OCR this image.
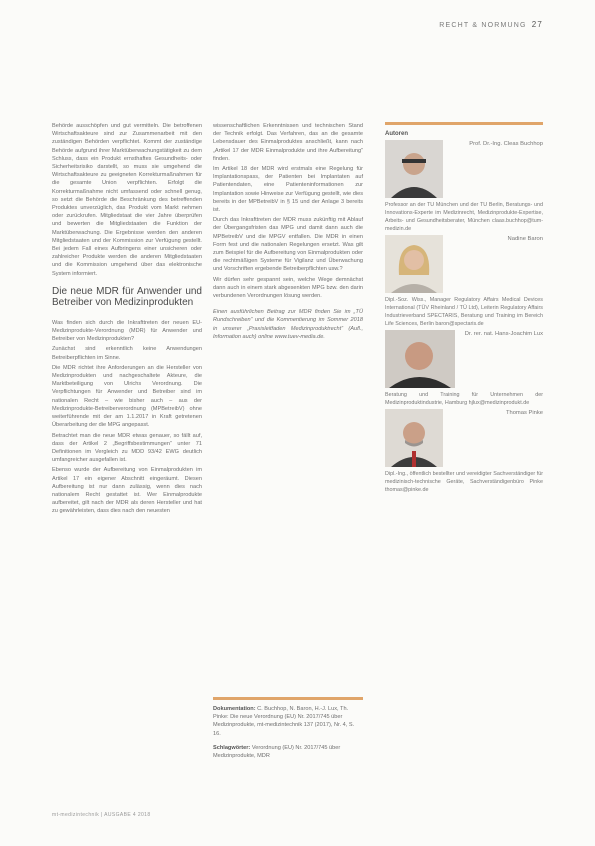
RECHT & NORMUNG 27

Behörde ausschöpfen und gut vermitteln. Die betroffenen Wirtschaftsakteure sind zur Zusammenarbeit mit den zuständigen Behörden verpflichtet. Kommt der zuständige Behörde aufgrund ihrer Marktüberwachungstätigkeit zu dem Schluss, dass ein Produkt ernsthaftes Gesundheits- oder Sicherheitsrisiko darstellt, so muss sie umgehend die Wirtschaftsakteure zu geeigneten Korrekturmaßnahmen für die gesamte Union verpflichten. Erfolgt die Korrekturmaßnahme nicht umfassend oder schnell genug, so setzt die Behörde die Beschränkung des betreffenden Produktes unverzüglich, das Produkt vom Markt nehmen oder zurückrufen. Mitgliedstaat die vier Jahre überprüfen und bewerten die Mitgliedstaaten die Funktion der Marktüberwachung. Die Ergebnisse werden den anderen Mitgliedstaaten und der Kommission zur Verfügung gestellt. Bei jedem Fall eines Aufbringens einer unsicheren oder zahlreicher Produkte werden die anderen Mitgliedstaaten und die Kommission umgehend über das elektronische System informiert.

Die neue MDR für Anwender und Betreiber von Medizinprodukten

Was finden sich durch die Inkrafttreten der neuen EU-Medizinprodukte-Verordnung (MDR) für Anwender und Betreiber von Medizinprodukten?

Zunächst sind erkenntlich keine Anwendungen Betreiberpflichten im Sinne.

Die MDR richtet ihre Anforderungen an die Hersteller von Medizinprodukten und nachgeschaltete Akteure, die Marktbeteiligung von Ulrichs Verordnung. Die Verpflichtungen für Anwender und Betreiber sind im nationalen Recht – wie bisher auch – aus der Medizinprodukte-Betreiberverordnung (MPBetreibV) ohne weiterführende mit der am 1.1.2017 in Kraft getretenen Überarbeitung der die MPG angepasst.

Betrachtet man die neue MDR etwas genauer, so fällt auf, dass der Artikel 2 „Begriffsbestimmungen“ unter 71 Definitionen im Vergleich zu MDD 93/42 EWG deutlich umfangreicher ausgefallen ist.

Ebenso wurde der Aufbereitung von Einmalprodukten im Artikel 17 ein eigener Abschnitt eingeräumt. Diesen Aufbereitung ist nur dann zulässig, wenn dies nach nationalem Recht gestattet ist. Wer Einmalprodukte aufbereitet, gilt nach der MDR als deren Hersteller und hat zu gewährleisten, dass dies nach den neuesten

wissenschaftlichen Erkenntnissen und technischen Stand der Technik erfolgt. Das Verfahren, das an die gesamte Lebensdauer des Einmalproduktes anschließt, kann nach „Artikel 17 der MDR Einmalprodukte und ihre Aufbereitung“ finden.

Im Artikel 18 der MDR wird erstmals eine Regelung für Implantationspass, der Patienten bei Implantaten auf Patientendaten, eine Patienteninformationen zur Implantation sowie Hinweise zur Verfügung gestellt, wie dies bereits in der MPBetreibV in § 15 und der Anlage 3 bereits ist.

Durch das Inkrafttreten der MDR muss zukünftig mit Ablauf der Übergangsfristen das MPG und damit dann auch die MPBetreibV und die MPGV entfallen. Die MDR in einen Form fest und die nationalen Regelungen ersetzt. Was gilt zum Beispiel für die Aufbereitung von Einmalprodukten oder die rechtmäßigen Systeme für Vigilanz und Überwachung und Vorschriften ergebende Betreiberpflichten usw.?

Wir dürfen sehr gespannt sein, welche Wege demnächst dann auch in einem stark abgesenkten MPG bzw. den darin verbundenen Verordnungen lösung werden.

Einen ausführlichen Beitrag zur MDR finden Sie im „TÜ Rundschreiben“ und die Kommentierung im Sommer 2018 in unserer „Praxisleitfaden Medizinproduktrecht“ (Aufl., Information auch) online www.tuev-media.de.

Dokumentation: C. Buchhop, N. Baron, H.-J. Lux, Th. Pinke: Die neue Verordnung (EU) Nr. 2017/745 über Medizinprodukte, mt-medizintechnik 137 (2017), Nr. 4, S. 16.

Schlagwörter: Verordnung (EU) Nr. 2017/745 über Medizinprodukte, MDR

Autoren
Prof. Dr.-Ing. Cleas Buchhop
Professor an der TU München und der TU Berlin, Beratungs- und Innovations-Experte im Medizinrecht, Medizinprodukte-Expertise, Arbeits- und Gesundheitsberater, München claas.buchhop@tum-medizin.de
Nadine Baron
Dipl.-Soz. Wiss., Manager Regulatory Affairs Medical Devices International (TÜV Rheinland / TÜ Ltd), Leiterin Regulatory Affairs Industrieverband SPECTARIS, Beratung und Training im Bereich Life Sciences, Berlin baron@spectaris.de
Dr. rer. nat. Hans-Joachim Lux
Beratung und Training für Unternehmen der Medizinproduktindustrie, Hamburg hjlux@medizinprodukt.de
Thomas Pinke
Dipl.-Ing., öffentlich bestellter und vereidigter Sachverständiger für medizinisch-technische Geräte, Sachverständigenbüro Pinke thomas@pinke.de
mt-medizintechnik | AUSGABE 4 2018
